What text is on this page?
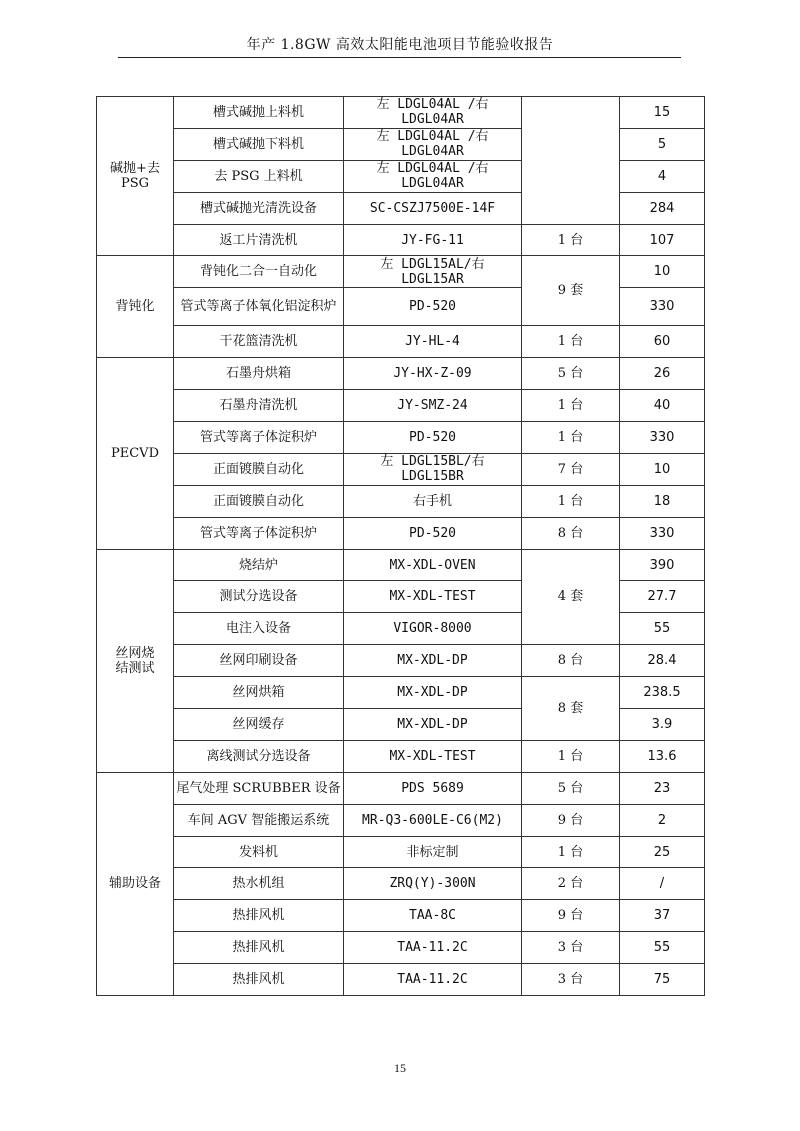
年产 1.8GW 高效太阳能电池项目节能验收报告
碱抛+去PSG	槽式碱抛上料机	左 LDGL04AL /右 LDGL04AR		15
	槽式碱抛下料机	左 LDGL04AL /右 LDGL04AR		5
	去 PSG 上料机	左 LDGL04AL /右 LDGL04AR		4
	槽式碱抛光清洗设备	SC-CSZJ7500E-14F		284
	返工片清洗机	JY-FG-11	1 台	107
背钝化	背钝化二合一自动化	左 LDGL15AL/右 LDGL15AR	9 套	10
	管式等离子体氧化铝淀积炉	PD-520		330
	干花篮清洗机	JY-HL-4	1 台	60
PECVD	石墨舟烘箱	JY-HX-Z-09	5 台	26
	石墨舟清洗机	JY-SMZ-24	1 台	40
	管式等离子体淀积炉	PD-520	1 台	330
	正面镀膜自动化	左 LDGL15BL/右 LDGL15BR	7 台	10
	正面镀膜自动化	右手机	1 台	18
	管式等离子体淀积炉	PD-520	8 台	330
丝网烧结测试	烧结炉	MX-XDL-OVEN	4 套	390
	测试分选设备	MX-XDL-TEST		27.7
	电注入设备	VIGOR-8000		55
	丝网印刷设备	MX-XDL-DP	8 台	28.4
	丝网烘箱	MX-XDL-DP	8 套	238.5
	丝网缓存	MX-XDL-DP		3.9
	离线测试分选设备	MX-XDL-TEST	1 台	13.6
辅助设备	尾气处理 SCRUBBER 设备	PDS 5689	5 台	23
	车间 AGV 智能搬运系统	MR-Q3-600LE-C6(M2)	9 台	2
	发料机	非标定制	1 台	25
	热水机组	ZRQ(Y)-300N	2 台	/
	热排风机	TAA-8C	9 台	37
	热排风机	TAA-11.2C	3 台	55
	热排风机	TAA-11.2C	3 台	75
15
